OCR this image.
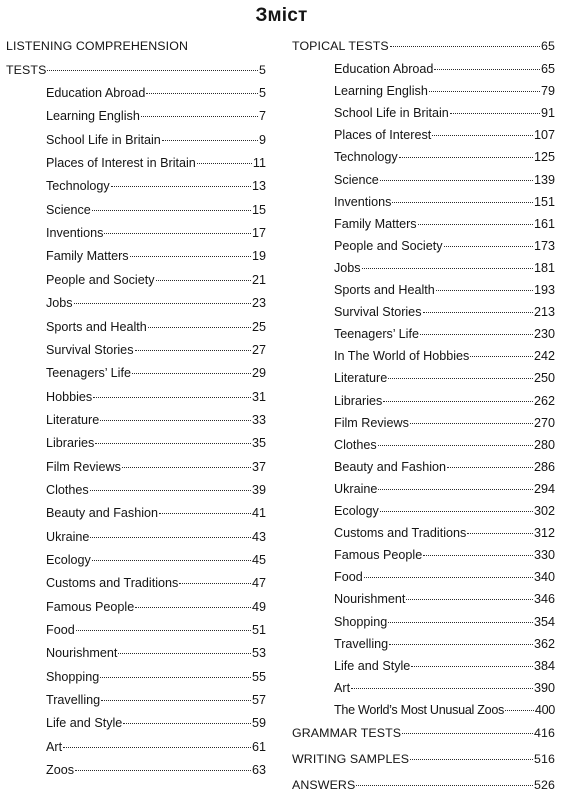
Зміст
LISTENING COMPREHENSION
TESTS	5
Education Abroad	5
Learning English	7
School Life in Britain	9
Places of Interest in Britain	11
Technology	13
Science	15
Inventions	17
Family Matters	19
People and Society	21
Jobs	23
Sports and Health	25
Survival Stories	27
Teenagers’ Life	29
Hobbies	31
Literature	33
Libraries	35
Film Reviews	37
Clothes	39
Beauty and Fashion	41
Ukraine	43
Ecology	45
Customs and Traditions	47
Famous People	49
Food	51
Nourishment	53
Shopping	55
Travelling	57
Life and Style	59
Art	61
Zoos	63
TOPICAL TESTS	65
Education Abroad	65
Learning English	79
School Life in Britain	91
Places of Interest	107
Technology	125
Science	139
Inventions	151
Family Matters	161
People and Society	173
Jobs	181
Sports and Health	193
Survival Stories	213
Teenagers’ Life	230
In The World of Hobbies	242
Literature	250
Libraries	262
Film Reviews	270
Clothes	280
Beauty and Fashion	286
Ukraine	294
Ecology	302
Customs and Traditions	312
Famous People	330
Food	340
Nourishment	346
Shopping	354
Travelling	362
Life and Style	384
Art	390
The World’s Most Unusual Zoos 400
GRAMMAR TESTS	416
WRITING SAMPLES	516
ANSWERS	526
